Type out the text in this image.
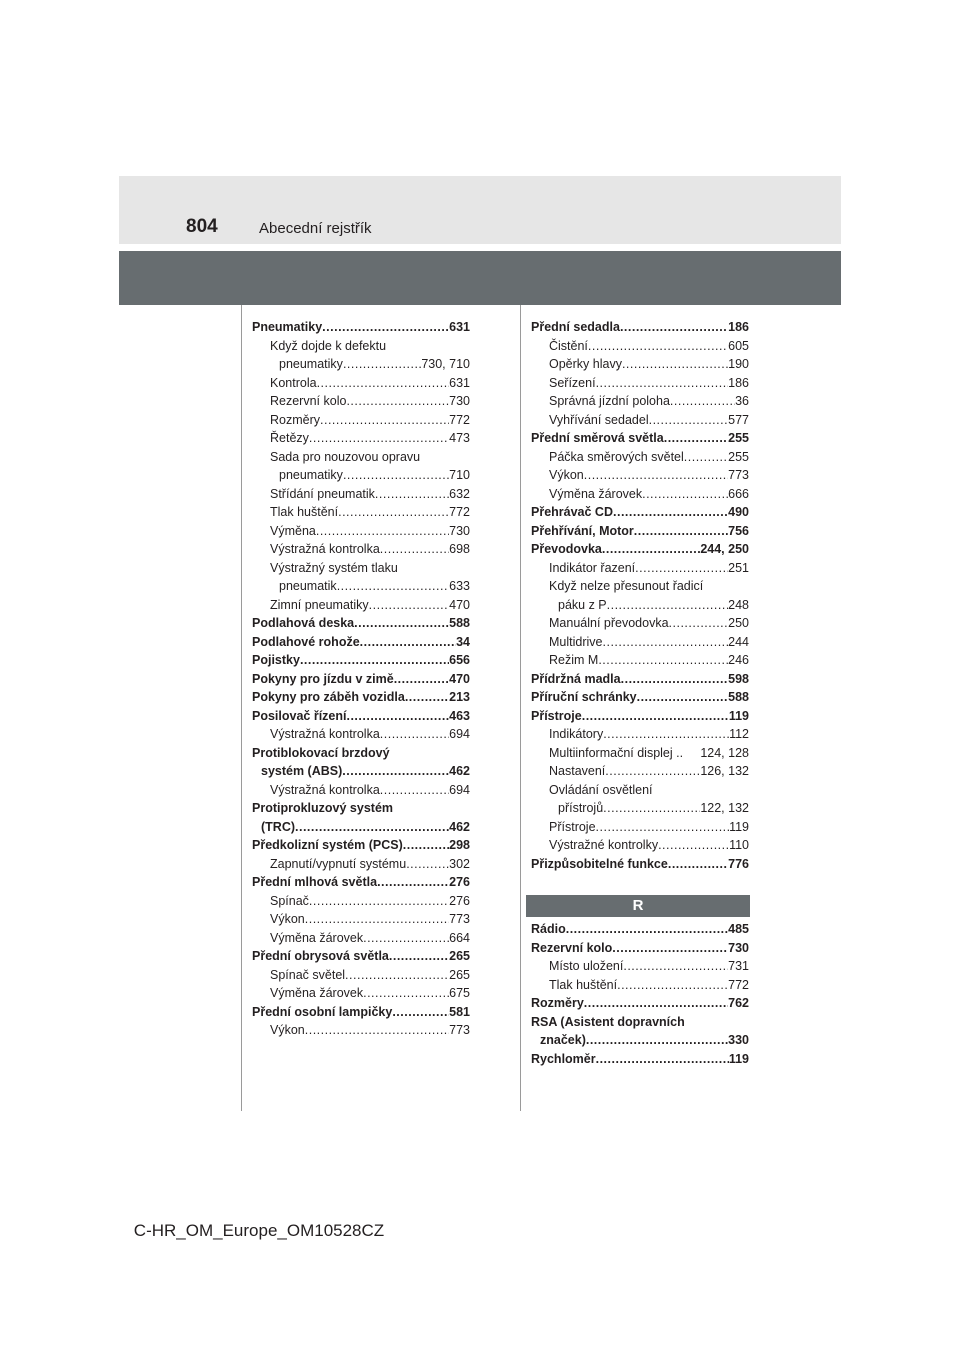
804	Abecední rejstřík
Pneumatiky .....	631
Když dojde k defektu
pneumatiky .....	730, 710
Kontrola .....	631
Rezervní kolo .....	730
Rozměry .....	772
Řetězy .....	473
Sada pro nouzovou opravu
pneumatiky .....	710
Střídání pneumatik .....	632
Tlak huštění .....	772
Výměna .....	730
Výstražná kontrolka .....	698
Výstražný systém tlaku
pneumatik .....	633
Zimní pneumatiky .....	470
Podlahová deska .....	588
Podlahové rohože .....	34
Pojistky .....	656
Pokyny pro jízdu v zimě .....	470
Pokyny pro záběh vozidla .....	213
Posilovač řízení .....	463
Výstražná kontrolka .....	694
Protiblokovací brzdový
systém (ABS) .....	462
Výstražná kontrolka .....	694
Protiprokluzový systém
(TRC) .....	462
Předkolizní systém (PCS) .....	298
Zapnutí/vypnutí systému .....	302
Přední mlhová světla .....	276
Spínač .....	276
Výkon .....	773
Výměna žárovek .....	664
Přední obrysová světla .....	265
Spínač světel .....	265
Výměna žárovek .....	675
Přední osobní lampičky .....	581
Výkon .....	773
Přední sedadla .....	186
Čistění .....	605
Opěrky hlavy .....	190
Seřízení .....	186
Správná jízdní poloha .....	36
Vyhřívání sedadel .....	577
Přední směrová světla .....	255
Páčka směrových světel .....	255
Výkon .....	773
Výměna žárovek .....	666
Přehrávač CD .....	490
Přehřívání, Motor .....	756
Převodovka .....	244, 250
Indikátor řazení .....	251
Když nelze přesunout řadicí
páku z P .....	248
Manuální převodovka .....	250
Multidrive .....	244
Režim M .....	246
Přídržná madla .....	598
Příruční schránky .....	588
Přístroje .....	119
Indikátory .....	112
Multiinformační displej .. 124, 128
Nastavení .....	126, 132
Ovládání osvětlení
přístrojů .....	122, 132
Přístroje .....	119
Výstražné kontrolky .....	110
Přizpůsobitelné funkce .....	776
R
Rádio .....	485
Rezervní kolo .....	730
Místo uložení .....	731
Tlak huštění .....	772
Rozměry .....	762
RSA (Asistent dopravních
značek) .....	330
Rychloměr .....	119
C-HR_OM_Europe_OM10528CZ
